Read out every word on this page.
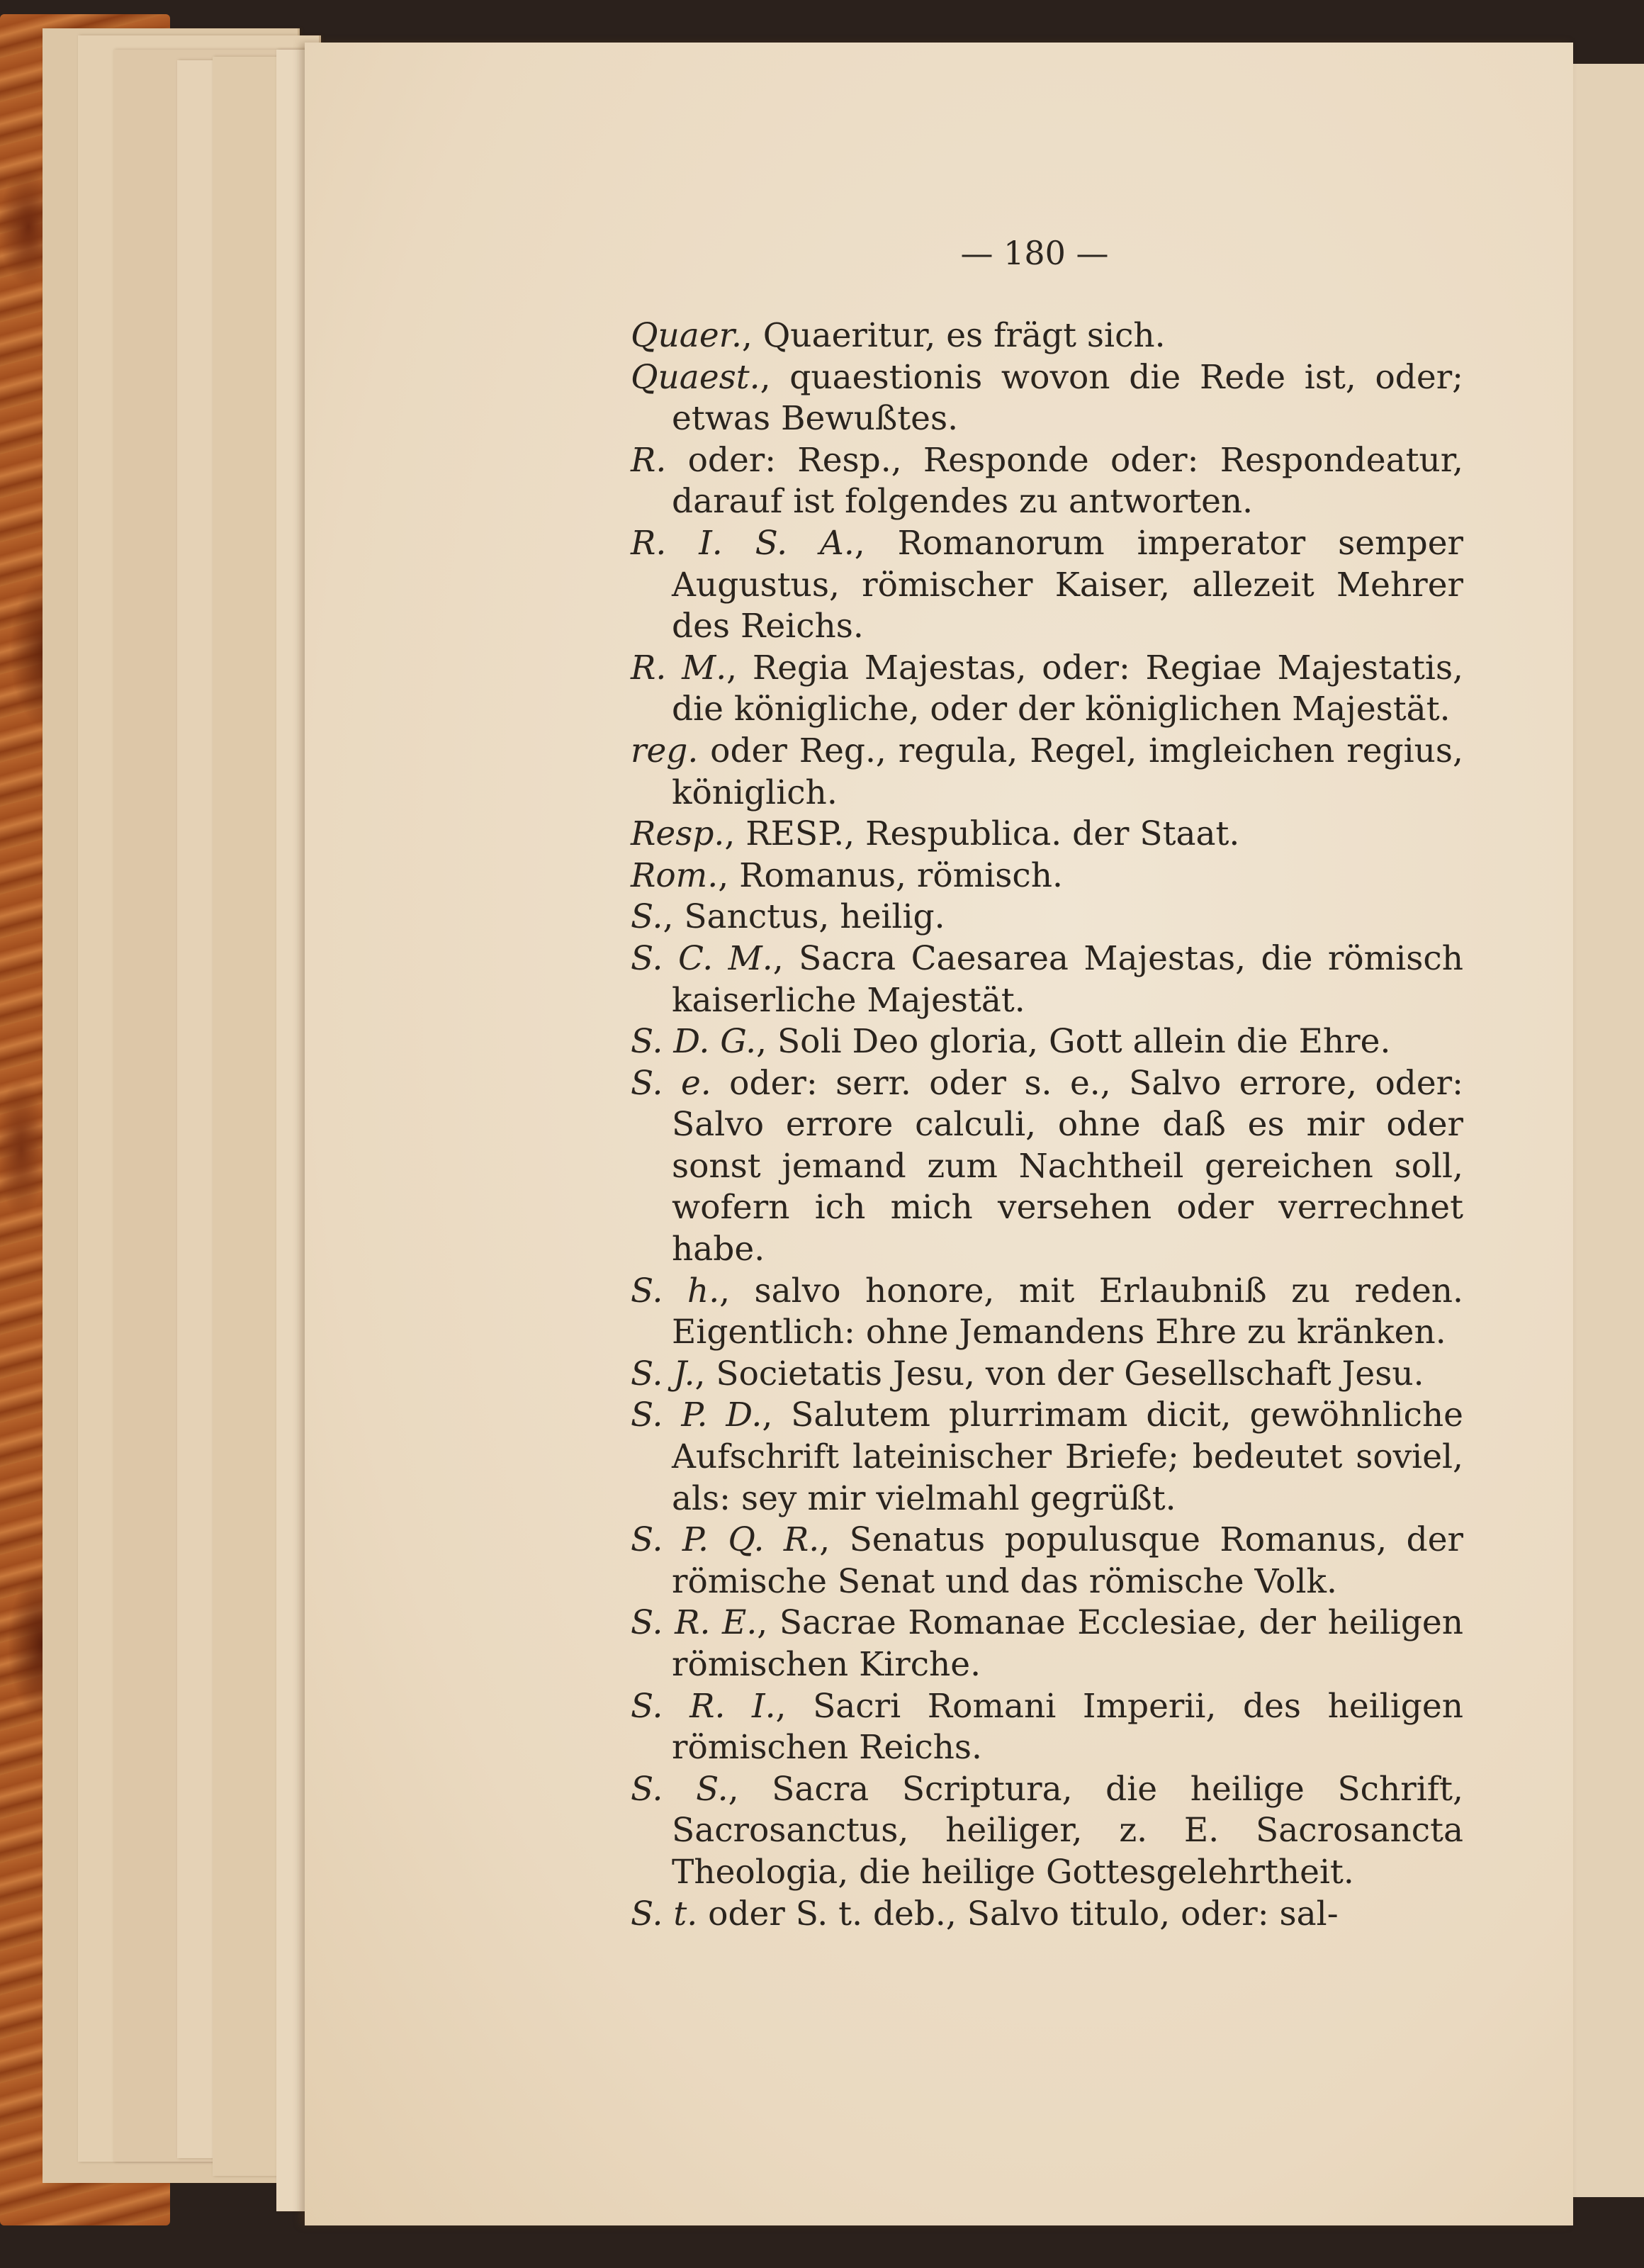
— 180 —
Quaer., Quaeritur, es frägt sich.
Quaest., quaestionis wovon die Rede ist, oder; etwas Bewußtes.
R. oder: Resp., Responde oder: Respondeatur, darauf ist folgendes zu antworten.
R. I. S. A., Romanorum imperator semper Augustus, römischer Kaiser, allezeit Mehrer des Reichs.
R. M., Regia Majestas, oder: Regiae Majestatis, die königliche, oder der königlichen Majestät.
reg. oder Reg., regula, Regel, imgleichen regius, königlich.
Resp., RESP., Respublica. der Staat.
Rom., Romanus, römisch.
S., Sanctus, heilig.
S. C. M., Sacra Caesarea Majestas, die römisch kaiserliche Majestät.
S. D. G., Soli Deo gloria, Gott allein die Ehre.
S. e. oder: serr. oder s. e., Salvo errore, oder: Salvo errore calculi, ohne daß es mir oder sonst jemand zum Nachtheil gereichen soll, wofern ich mich versehen oder verrechnet habe.
S. h., salvo honore, mit Erlaubniß zu reden. Eigentlich: ohne Jemandens Ehre zu kränken.
S. J., Societatis Jesu, von der Gesellschaft Jesu.
S. P. D., Salutem plurrimam dicit, gewöhnliche Aufschrift lateinischer Briefe; bedeutet soviel, als: sey mir vielmahl gegrüßt.
S. P. Q. R., Senatus populusque Romanus, der römische Senat und das römische Volk.
S. R. E., Sacrae Romanae Ecclesiae, der heiligen römischen Kirche.
S. R. I., Sacri Romani Imperii, des heiligen römischen Reichs.
S. S., Sacra Scriptura, die heilige Schrift, Sacrosanctus, heiliger, z. E. Sacrosancta Theologia, die heilige Gottesgelehrtheit.
S. t. oder S. t. deb., Salvo titulo, oder: sal-
